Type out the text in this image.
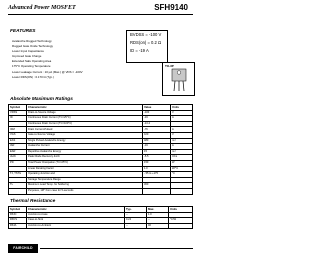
Advanced Power MOSFET	SFH9140
FEATURES
Avalanche Rugged Technology
Rugged Gate Oxide Technology
Lower Input Capacitance
Improved Gate Charge
Extended Safe Operating Area
175°C Operating Temperature
Lower Leakage Current : 10 μA (Max.) @ VDS = -100V
Lower RDS(ON) : 0.170 Ω (Typ.)
BVDSS = -100 V
RDS(on) = 0.2 Ω
ID = -19 A
TO-3P
Absolute Maximum Ratings
Symbol	Characteristic	Value	Units
VDSS	Drain-to-Source Voltage	-100	V
ID	Continuous Drain Current (TC=25°C)	-19	A
	Continuous Drain Current (TC=100°C)	-13.4	
IDM	Drain Current-Pulsed	-76	A
VGS	Gate-to-Source Voltage	±20	V
EAS	Single Pulsed Avalanche Energy	480	mJ
IAR	Avalanche Current	-19	A
EAR	Repetitive Avalanche Energy	15	mJ
dv/dt	Peak Diode Recovery dv/dt	-5.5	V/ns
PD	Total Power Dissipation (TC=25°C)	150	W
	Linear Derating Factor	1.0	W/°C
TJ, TSTG	Operating Junction and	- 55 to +175	°C
	Storage Temperature Range		
TL	Maximum Lead Temp. for Soldering	300	
	Purposes, 1/8" from case for 5-seconds		
Thermal Resistance
Symbol	Characteristic	Typ.	Max.	Units
RθJC	Junction-to-Case	--	1.0	
RθCS	Case-to-Sink	0.24	--	°C/W
RθJA	Junction-to-Ambient	--	40	
FAIRCHILD
